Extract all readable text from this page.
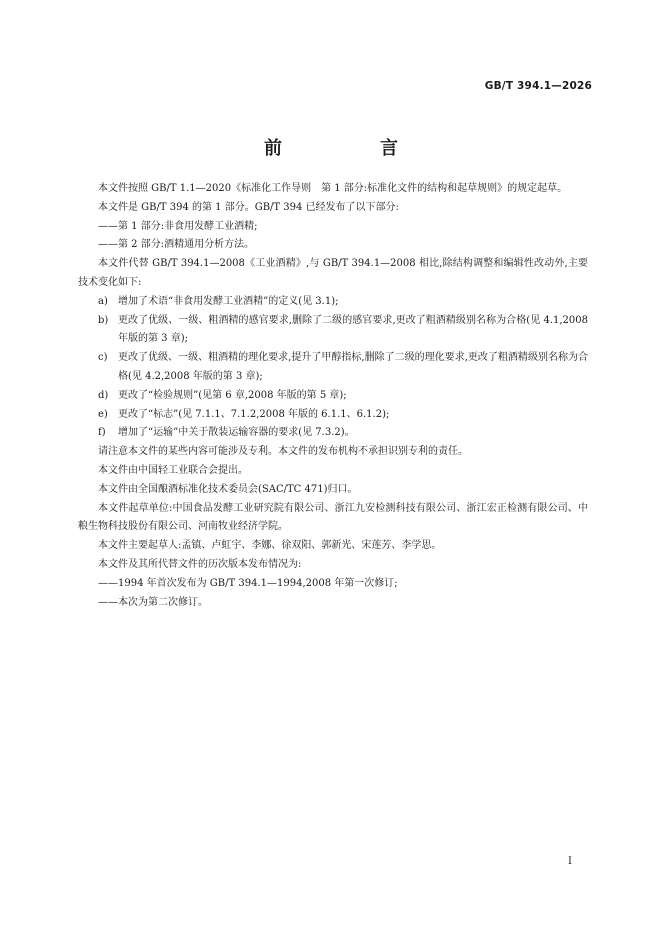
GB/T 394.1—2026
前　言

本文件按照 GB/T 1.1—2020《标准化工作导则　第 1 部分:标准化文件的结构和起草规则》的规定起草。

本文件是 GB/T 394 的第 1 部分。GB/T 394 已经发布了以下部分:

——第 1 部分:非食用发酵工业酒精;

——第 2 部分:酒精通用分析方法。

本文件代替 GB/T 394.1—2008《工业酒精》,与 GB/T 394.1—2008 相比,除结构调整和编辑性改动外,主要技术变化如下:

a)	增加了术语“非食用发酵工业酒精”的定义(见 3.1);
b) 更改了优级、一级、粗酒精的感官要求,删除了二级的感官要求,更改了粗酒精级别名称为合格(见 4.1,2008 年版的第 3 章);
c)	更改了优级、一级、粗酒精的理化要求,提升了甲醇指标,删除了二级的理化要求,更改了粗酒精级别名称为合格(见 4.2,2008 年版的第 3 章);
d) 更改了“检验规则”(见第 6 章,2008 年版的第 5 章);
e)	更改了“标志”(见 7.1.1、7.1.2,2008 年版的 6.1.1、6.1.2);
f)	增加了“运输”中关于散装运输容器的要求(见 7.3.2)。

请注意本文件的某些内容可能涉及专利。本文件的发布机构不承担识别专利的责任。

本文件由中国轻工业联合会提出。

本文件由全国酿酒标准化技术委员会(SAC/TC 471)归口。

本文件起草单位:中国食品发酵工业研究院有限公司、浙江九安检测科技有限公司、浙江宏正检测有限公司、中粮生物科技股份有限公司、河南牧业经济学院。

本文件主要起草人:孟镇、卢虹宇、李娜、徐双阳、郭新光、宋莲芳、李学思。

本文件及其所代替文件的历次版本发布情况为:

——1994 年首次发布为 GB/T 394.1—1994,2008 年第一次修订;

——本次为第二次修订。

I
